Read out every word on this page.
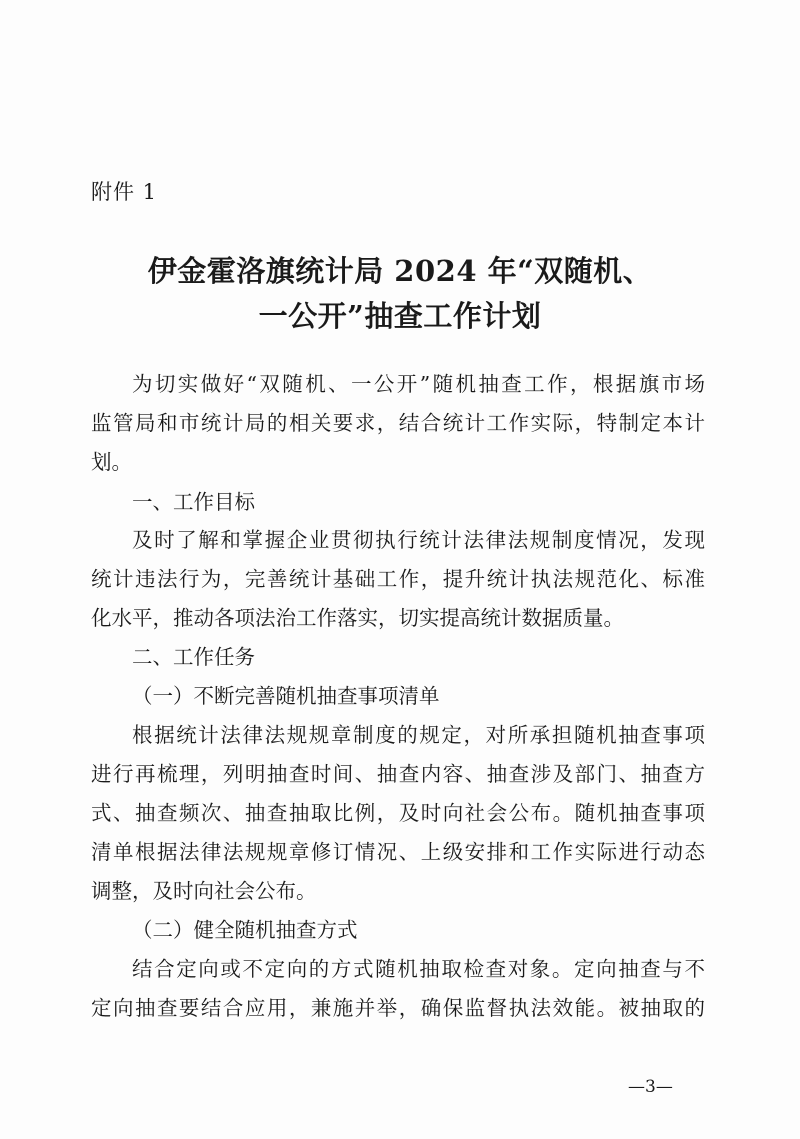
附件 1
伊金霍洛旗统计局 2024 年“双随机、
一公开”抽查工作计划
为切实做好“双随机、一公开”随机抽查工作，根据旗市场
监管局和市统计局的相关要求，结合统计工作实际，特制定本计
划。
一、工作目标
及时了解和掌握企业贯彻执行统计法律法规制度情况，发现
统计违法行为，完善统计基础工作，提升统计执法规范化、标准
化水平，推动各项法治工作落实，切实提高统计数据质量。
二、工作任务
（一）不断完善随机抽查事项清单
根据统计法律法规规章制度的规定，对所承担随机抽查事项
进行再梳理，列明抽查时间、抽查内容、抽查涉及部门、抽查方
式、抽查频次、抽查抽取比例，及时向社会公布。随机抽查事项
清单根据法律法规规章修订情况、上级安排和工作实际进行动态
调整，及时向社会公布。
（二）健全随机抽查方式
结合定向或不定向的方式随机抽取检查对象。定向抽查与不
定向抽查要结合应用，兼施并举，确保监督执法效能。被抽取的
—3—
